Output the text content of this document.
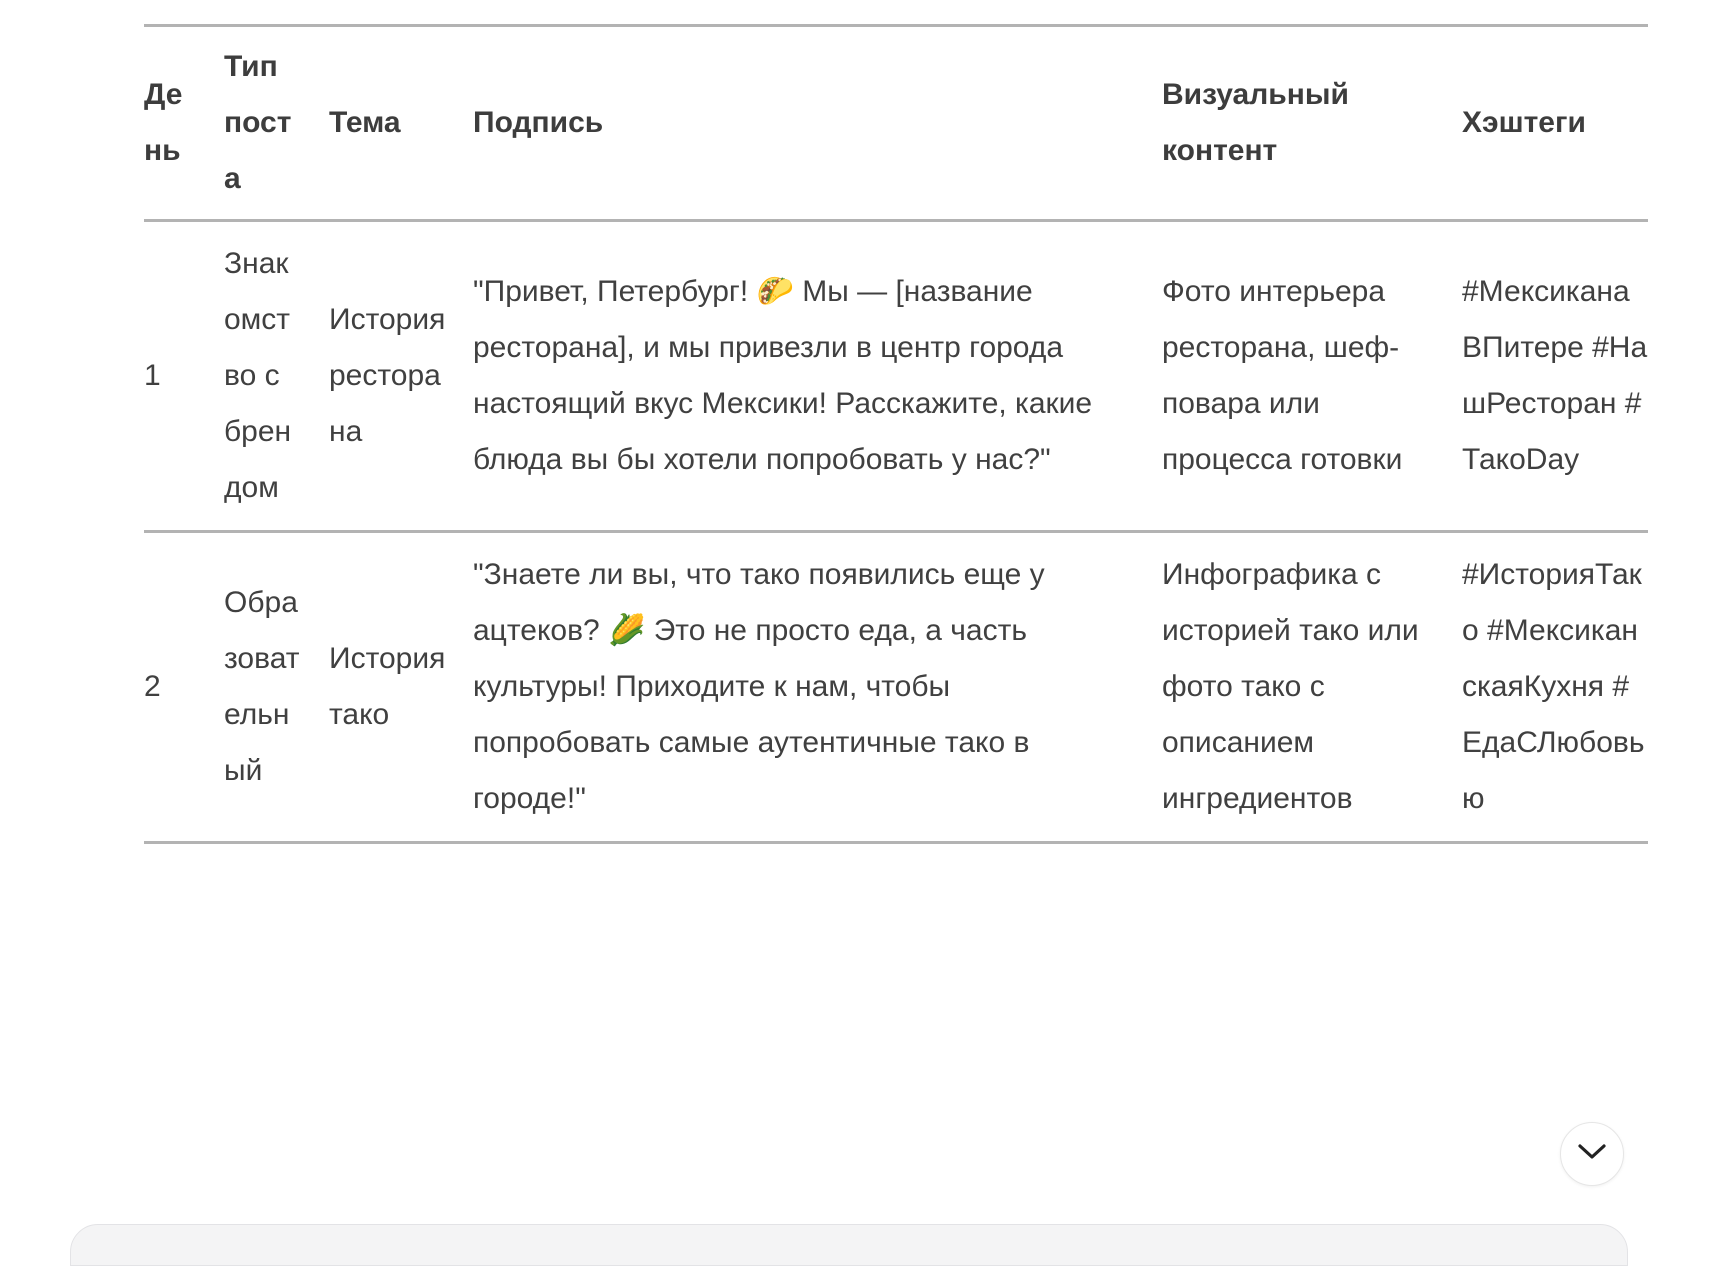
День	Тип поста	Тема	Подпись	Визуальный контент	Хэштеги
1	Знакомство с брендом	История ресторана	"Привет, Петербург! 🌮 Мы — [название ресторана], и мы привезли в центр города настоящий вкус Мексики! Расскажите, какие блюда вы бы хотели попробовать у нас?"	Фото интерьера ресторана, шеф-повара или процесса готовки	#МексиканаВПитере #НашРесторан #ТакоDay
2	Образовательный	История тако	"Знаете ли вы, что тако появились еще у ацтеков? 🌽 Это не просто еда, а часть культуры! Приходите к нам, чтобы попробовать самые аутентичные тако в городе!"	Инфографика с историей тако или фото тако с описанием ингредиентов	#ИсторияТако #МексиканскаяКухня #ЕдаСЛюбовью
